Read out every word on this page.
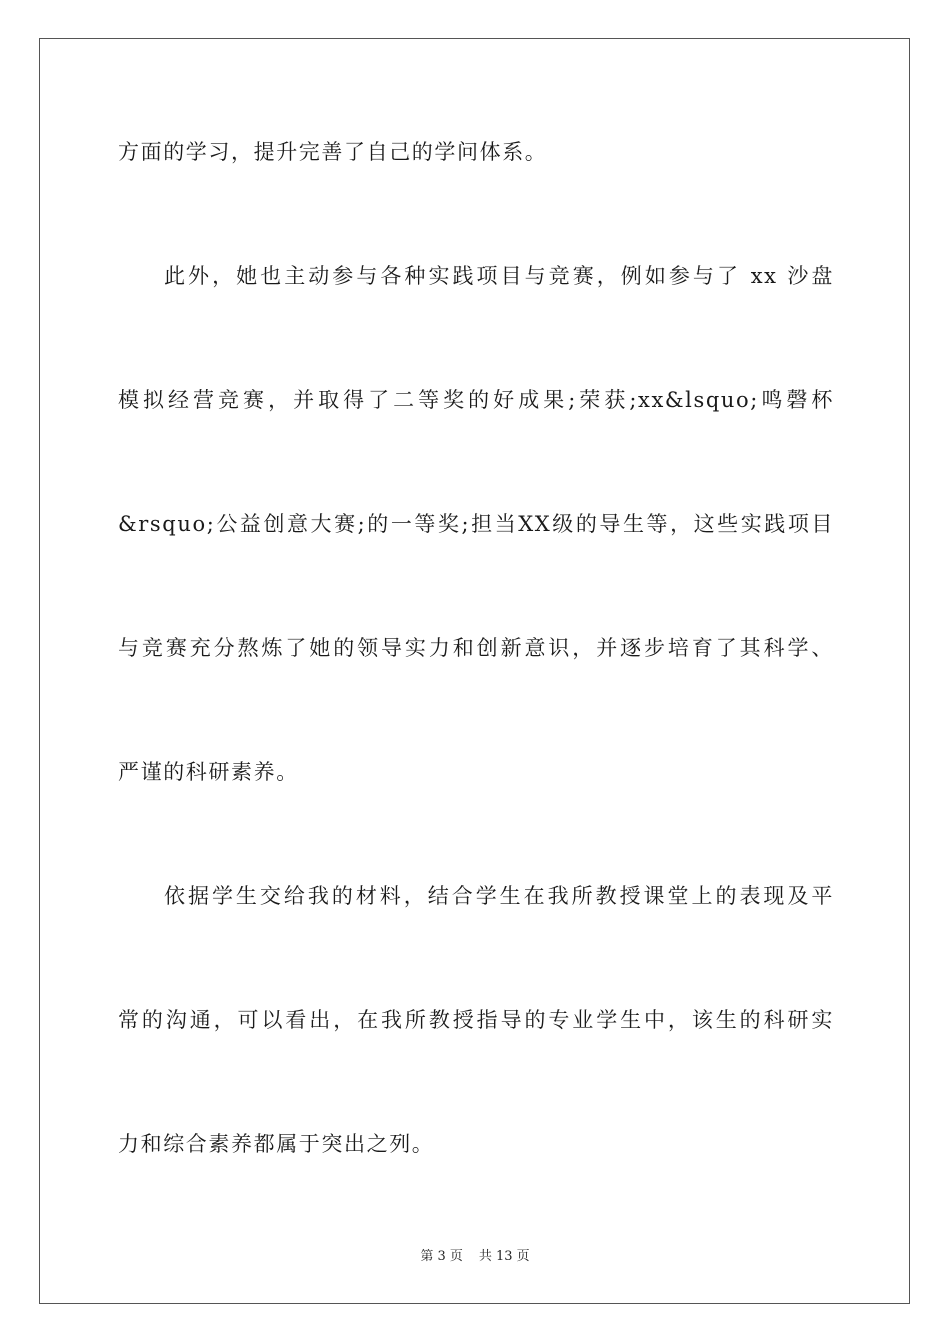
方面的学习，提升完善了自己的学问体系。
此外，她也主动参与各种实践项目与竞赛，例如参与了 xx 沙盘
模拟经营竞赛，并取得了二等奖的好成果;荣获;xx&lsquo;鸣磬杯
&rsquo;公益创意大赛;的一等奖;担当XX级的导生等，这些实践项目
与竞赛充分熬炼了她的领导实力和创新意识，并逐步培育了其科学、
严谨的科研素养。
依据学生交给我的材料，结合学生在我所教授课堂上的表现及平
常的沟通，可以看出，在我所教授指导的专业学生中，该生的科研实
力和综合素养都属于突出之列。
第 3 页 共 13 页
